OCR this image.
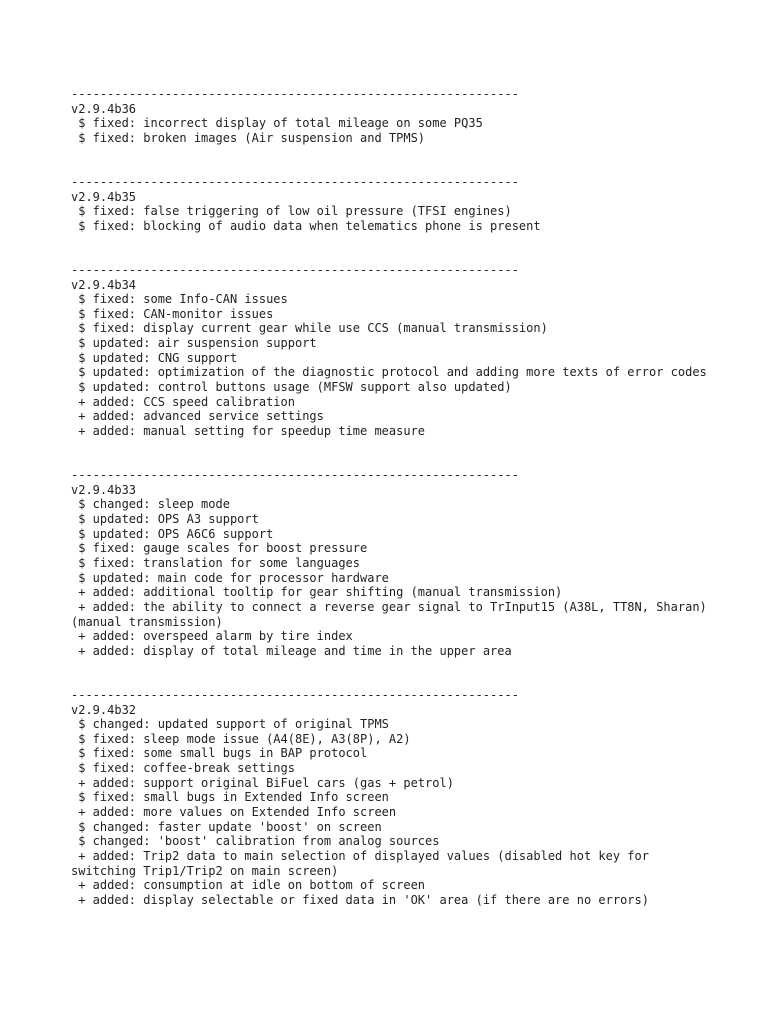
--------------------------------------------------------------
v2.9.4b36
$ fixed: incorrect display of total mileage on some PQ35
$ fixed: broken images (Air suspension and TPMS)
--------------------------------------------------------------
v2.9.4b35
$ fixed: false triggering of low oil pressure (TFSI engines)
$ fixed: blocking of audio data when telematics phone is present
--------------------------------------------------------------
v2.9.4b34
$ fixed: some Info-CAN issues
$ fixed: CAN-monitor issues
$ fixed: display current gear while use CCS (manual transmission)
$ updated: air suspension support
$ updated: CNG support
$ updated: optimization of the diagnostic protocol and adding more texts of error codes
$ updated: control buttons usage (MFSW support also updated)
+ added: CCS speed calibration
+ added: advanced service settings
+ added: manual setting for speedup time measure
--------------------------------------------------------------
v2.9.4b33
$ changed: sleep mode
$ updated: OPS A3 support
$ updated: OPS A6C6 support
$ fixed: gauge scales for boost pressure
$ fixed: translation for some languages
$ updated: main code for processor hardware
+ added: additional tooltip for gear shifting (manual transmission)
+ added: the ability to connect a reverse gear signal to TrInput15 (A38L, TT8N, Sharan) (manual transmission)
+ added: overspeed alarm by tire index
+ added: display of total mileage and time in the upper area
--------------------------------------------------------------
v2.9.4b32
$ changed: updated support of original TPMS
$ fixed: sleep mode issue (A4(8E), A3(8P), A2)
$ fixed: some small bugs in BAP protocol
$ fixed: coffee-break settings
+ added: support original BiFuel cars (gas + petrol)
$ fixed: small bugs in Extended Info screen
+ added: more values on Extended Info screen
$ changed: faster update 'boost' on screen
$ changed: 'boost' calibration from analog sources
+ added: Trip2 data to main selection of displayed values (disabled hot key for switching Trip1/Trip2 on main screen)
+ added: consumption at idle on bottom of screen
+ added: display selectable or fixed data in 'OK' area (if there are no errors)
